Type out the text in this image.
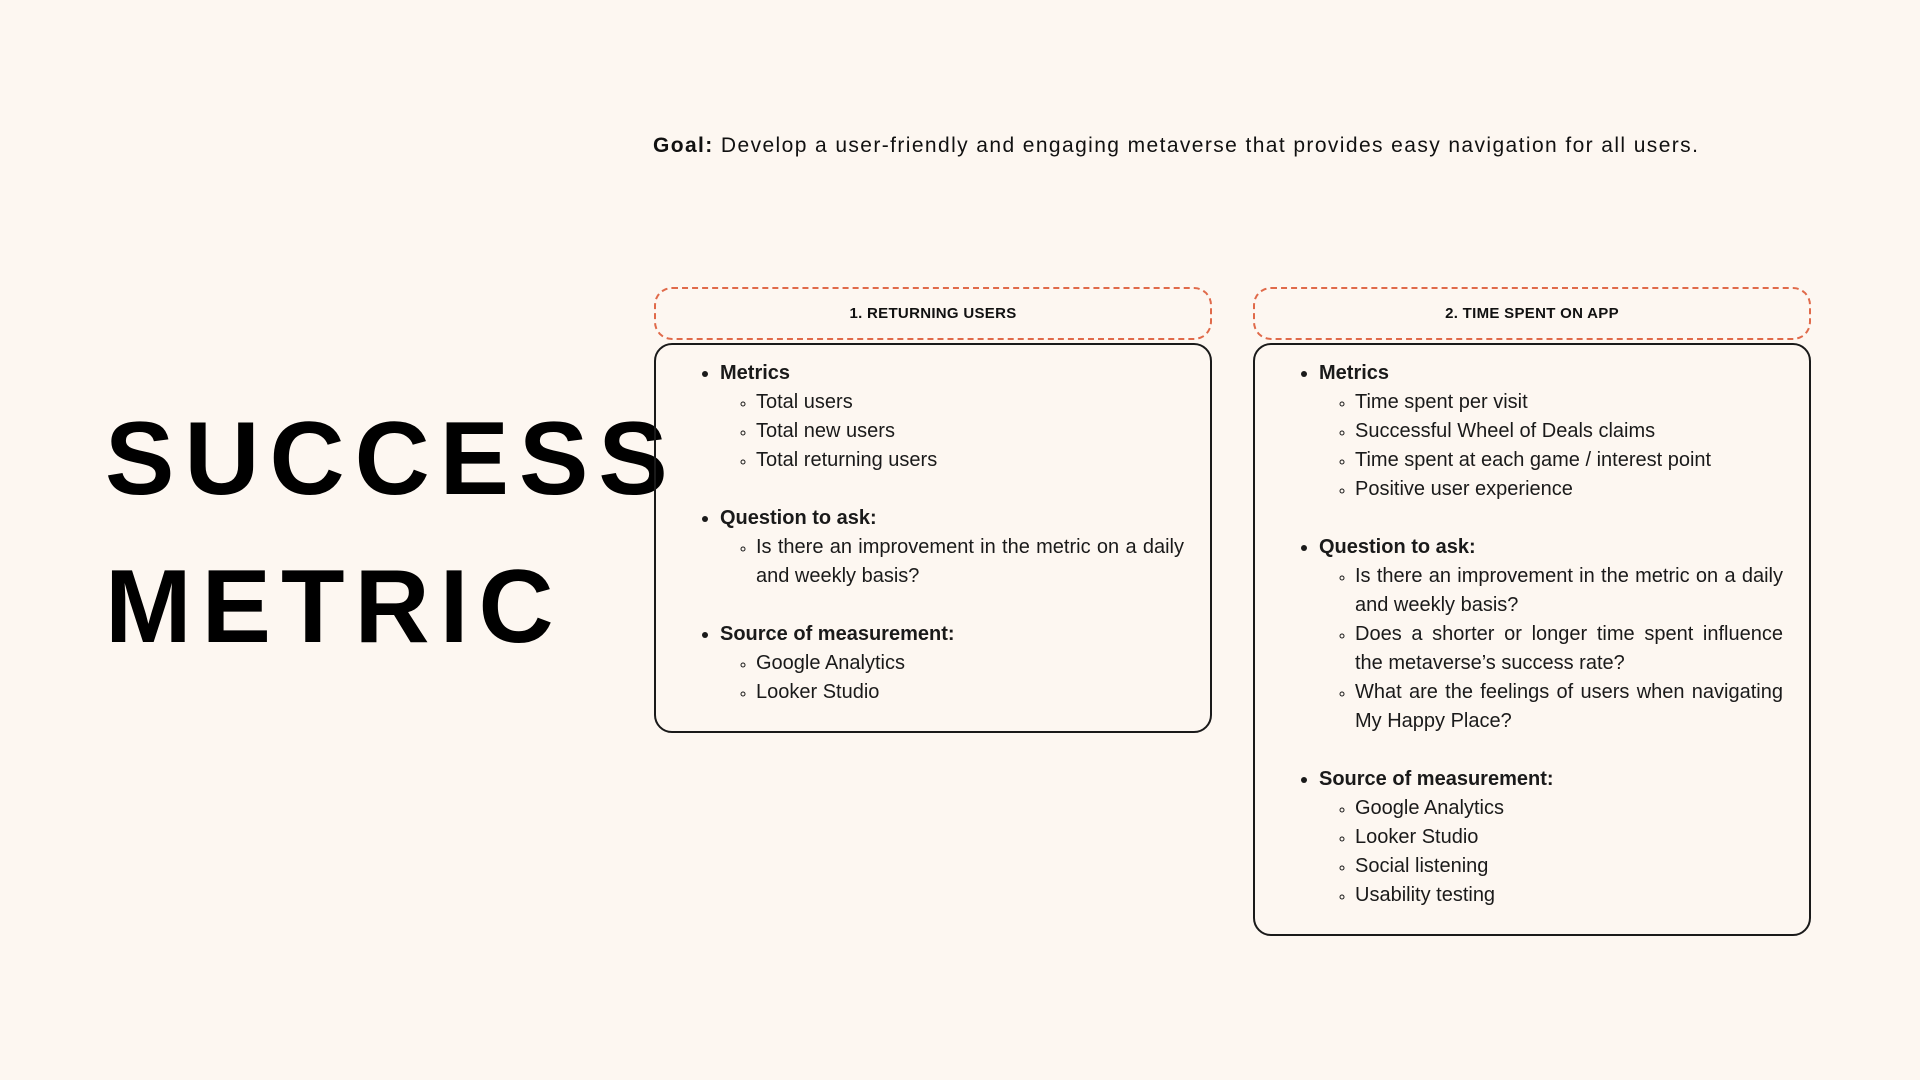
SUCCESS
METRIC
Goal: Develop a user-friendly and engaging metaverse that provides easy navigation for all users.
1. RETURNING USERS
• Metrics
◦ Total users
◦ Total new users
◦ Total returning users
• Question to ask:
◦ Is there an improvement in the metric on a daily and weekly basis?
• Source of measurement:
◦ Google Analytics
◦ Looker Studio
2. TIME SPENT ON APP
• Metrics
◦ Time spent per visit
◦ Successful Wheel of Deals claims
◦ Time spent at each game / interest point
◦ Positive user experience
• Question to ask:
◦ Is there an improvement in the metric on a daily and weekly basis?
◦ Does a shorter or longer time spent influence the metaverse’s success rate?
◦ What are the feelings of users when navigating My Happy Place?
• Source of measurement:
◦ Google Analytics
◦ Looker Studio
◦ Social listening
◦ Usability testing
